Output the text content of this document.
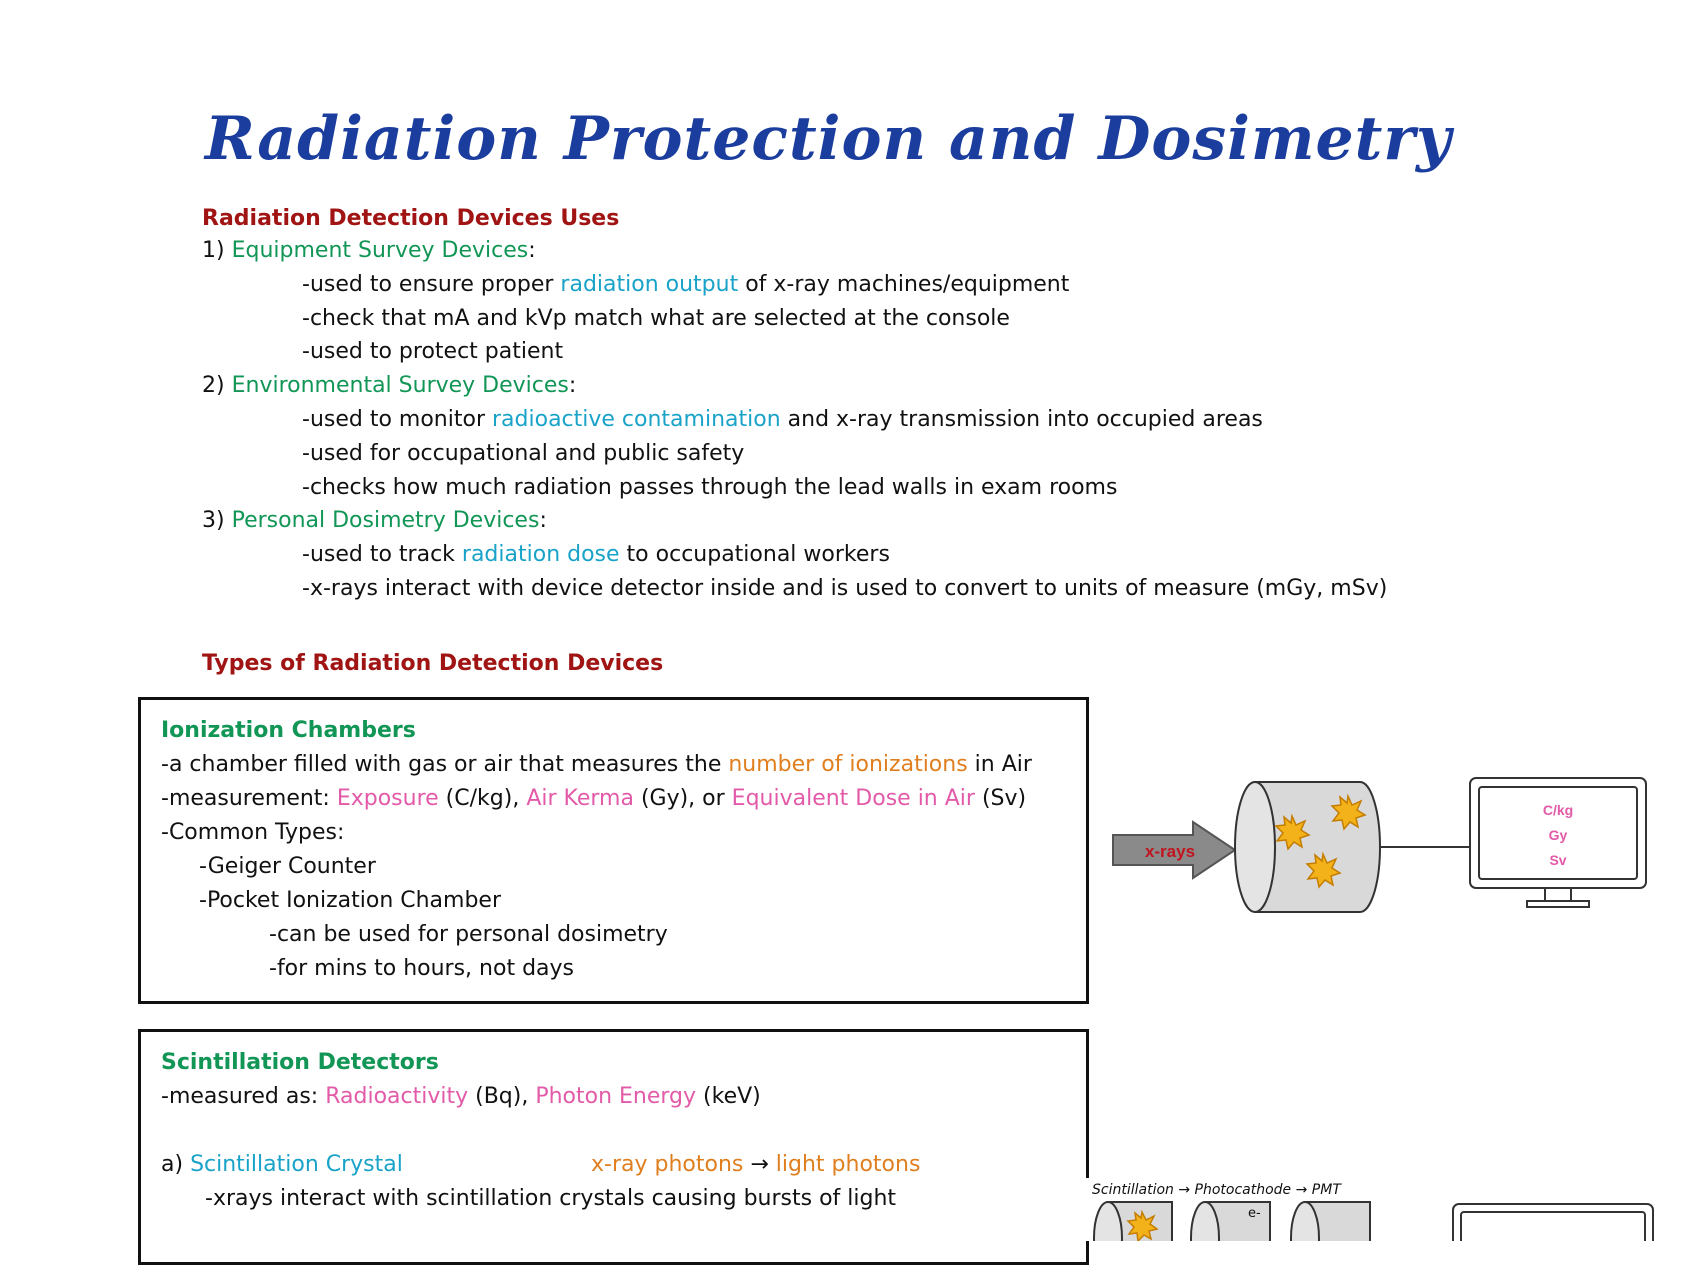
Radiation Protection and Dosimetry
Radiation Detection Devices Uses
1) Equipment Survey Devices:
-used to ensure proper radiation output of x-ray machines/equipment
-check that mA and kVp match what are selected at the console
-used to protect patient
2) Environmental Survey Devices:
-used to monitor radioactive contamination and x-ray transmission into occupied areas
-used for occupational and public safety
-checks how much radiation passes through the lead walls in exam rooms
3) Personal Dosimetry Devices:
-used to track radiation dose to occupational workers
-x-rays interact with device detector inside and is used to convert to units of measure (mGy, mSv)
Types of Radiation Detection Devices
Ionization Chambers
-a chamber filled with gas or air that measures the number of ionizations in Air
-measurement: Exposure (C/kg), Air Kerma (Gy), or Equivalent Dose in Air (Sv)
-Common Types:
-Geiger Counter
-Pocket Ionization Chamber
-can be used for personal dosimetry
-for mins to hours, not days
x-rays
C/kg
Gy
Sv
Scintillation Detectors
-measured as: Radioactivity (Bq), Photon Energy (keV)
a) Scintillation Crystal	x-ray photons → light photons
-xrays interact with scintillation crystals causing bursts of light	Scintillation → Photocathode → PMT
e-
